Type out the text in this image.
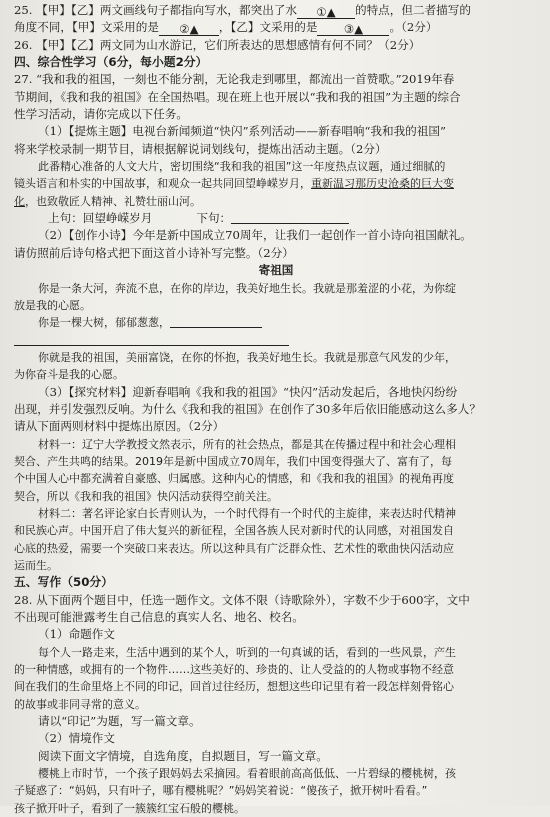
25. 【甲】【乙】两文画线句子都指向写水，都突出了水 ①▲ 的特点，但二者描写的
角度不同，【甲】文采用的是 ②▲ ，【乙】文采用的是 ③▲ 。（2分）
26. 【甲】【乙】两文同为山水游记，它们所表达的思想感情有何不同？（2分）
四、综合性学习（6分，每小题2分）
27. “我和我的祖国，一刻也不能分割，无论我走到哪里，都流出一首赞歌。”2019年春
节期间，《我和我的祖国》在全国热唱。现在班上也开展以“我和我的祖国”为主题的综合
性学习活动，请你完成以下任务。
（1）【提炼主题】电视台新闻频道“快闪”系列活动——新春唱响“我和我的祖国”
将来学校录制一期节目，请根据解说词划线句，提炼出活动主题。（2分）
此番精心准备的人文大片，密切围绕“我和我的祖国”这一年度热点议题，通过细腻的
镜头语言和朴实的中国故事，和观众一起共同回望峥嵘岁月，重新温习那历史沧桑的巨大变
化，也致敬匠人精神、礼赞壮丽山河。
上句：回望峥嵘岁月	下句：
（2）【创作小诗】今年是新中国成立70周年，让我们一起创作一首小诗向祖国献礼。
请仿照前后诗句格式把下面这首小诗补写完整。（2分）
寄祖国
你是一条大河，奔流不息，在你的岸边，我美好地生长。我就是那羞涩的小花，为你绽
放是我的心愿。
你是一棵大树，郁郁葱葱，
你就是我的祖国，美丽富饶，在你的怀抱，我美好地生长。我就是那意气风发的少年，
为你奋斗是我的心愿。
（3）【探究材料】迎新春唱响《我和我的祖国》“快闪”活动发起后，各地快闪纷纷
出现，并引发强烈反响。为什么《我和我的祖国》在创作了30多年后依旧能感动这么多人？
请从下面两则材料中提炼出原因。（2分）
材料一：辽宁大学教授文然表示，所有的社会热点，都是其在传播过程中和社会心理相
契合、产生共鸣的结果。2019年是新中国成立70周年，我们中国变得强大了、富有了，每
个中国人心中都充满着自豪感、归属感。这种内心的情感，和《我和我的祖国》的视角再度
契合，所以《我和我的祖国》快闪活动获得空前关注。
材料二：著名评论家白长青则认为，一个时代得有一个时代的主旋律，来表达时代精神
和民族心声。中国开启了伟大复兴的新征程，全国各族人民对新时代的认同感，对祖国发自
心底的热爱，需要一个突破口来表达。所以这种具有广泛群众性、艺术性的歌曲快闪活动应
运而生。
五、写作（50分）
28. 从下面两个题目中，任选一题作文。文体不限（诗歌除外），字数不少于600字，文中
不出现可能泄露考生自己信息的真实人名、地名、校名。
（1）命题作文
每个人一路走来，生活中遇到的某个人，听到的一句真诚的话，看到的一些风景，产生
的一种情感，或拥有的一个物件……这些美好的、珍贵的、让人受益的的人物或事物不经意
间在我们的生命里烙上不同的印记，回首过往经历，想想这些印记里有着一段怎样刻骨铭心
的故事或非同寻常的意义。
请以“印记”为题，写一篇文章。
（2）情境作文
阅读下面文字情境，自选角度，自拟题目，写一篇文章。
樱桃上市时节，一个孩子跟妈妈去采摘园。看着眼前高高低低、一片碧绿的樱桃树，孩
子疑惑了：“妈妈，只有叶子，哪有樱桃呢？”妈妈笑着说：“傻孩子，掀开树叶看看。”
孩子掀开叶子，看到了一簇簇红宝石般的樱桃。
